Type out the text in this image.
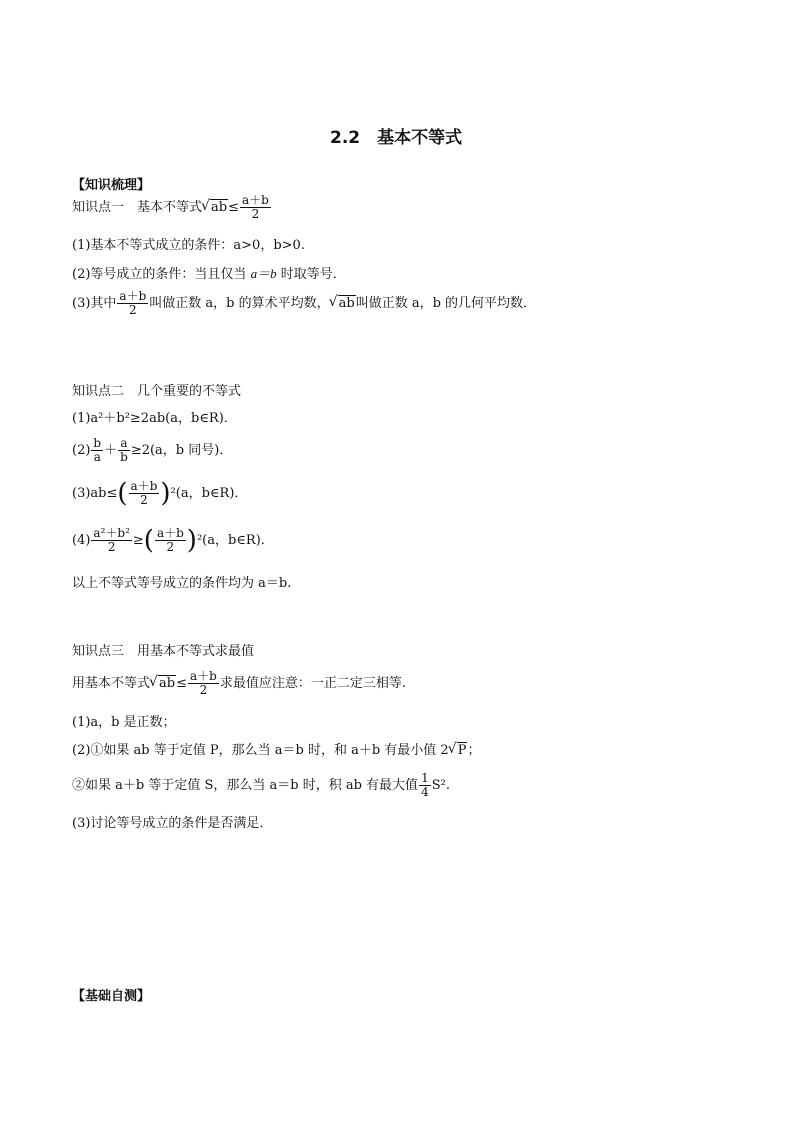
2.2　基本不等式
【知识梳理】
知识点一　基本不等式 √ $ab\le \frac{a+b}{2}$
(1)基本不等式成立的条件：a>0，b>0.
(2)等号成立的条件：当且仅当 a＝b 时取等号．
(3)其中 $\frac{a+b}{2}$ 叫做正数 a，b 的算术平均数， √ ab叫做正数 a，b 的几何平均数．
知识点二　几个重要的不等式
(1)a²＋b²≥2ab(a，b∈R)．
$(2) \frac{b}{a} + \frac{a}{b} \ge 2(a$，b 同号)．
$(3)ab\le( \frac{a+b}{2} )^2(a$，b∈R)．
$(4) \frac{\text{a²＋b²}}{2}$ ≥( $\frac{a+b}{2} )^2(a$，b∈R)．
以上不等式等号成立的条件均为 a＝b.
知识点三　用基本不等式求最值
用基本不等式 √ $ab\le \frac{a+b}{2}$ 求最值应注意：一正二定三相等.
(1)a，b 是正数；
(2)①如果 ab 等于定值 P，那么当 a＝b 时，和 a＋b 有最小值 2 √ P；
②如果 a＋b 等于定值 S，那么当 a＝b 时，积 ab 有最大值 $\frac{1}{4} S^2$.
(3)讨论等号成立的条件是否满足．
【基础自测】
